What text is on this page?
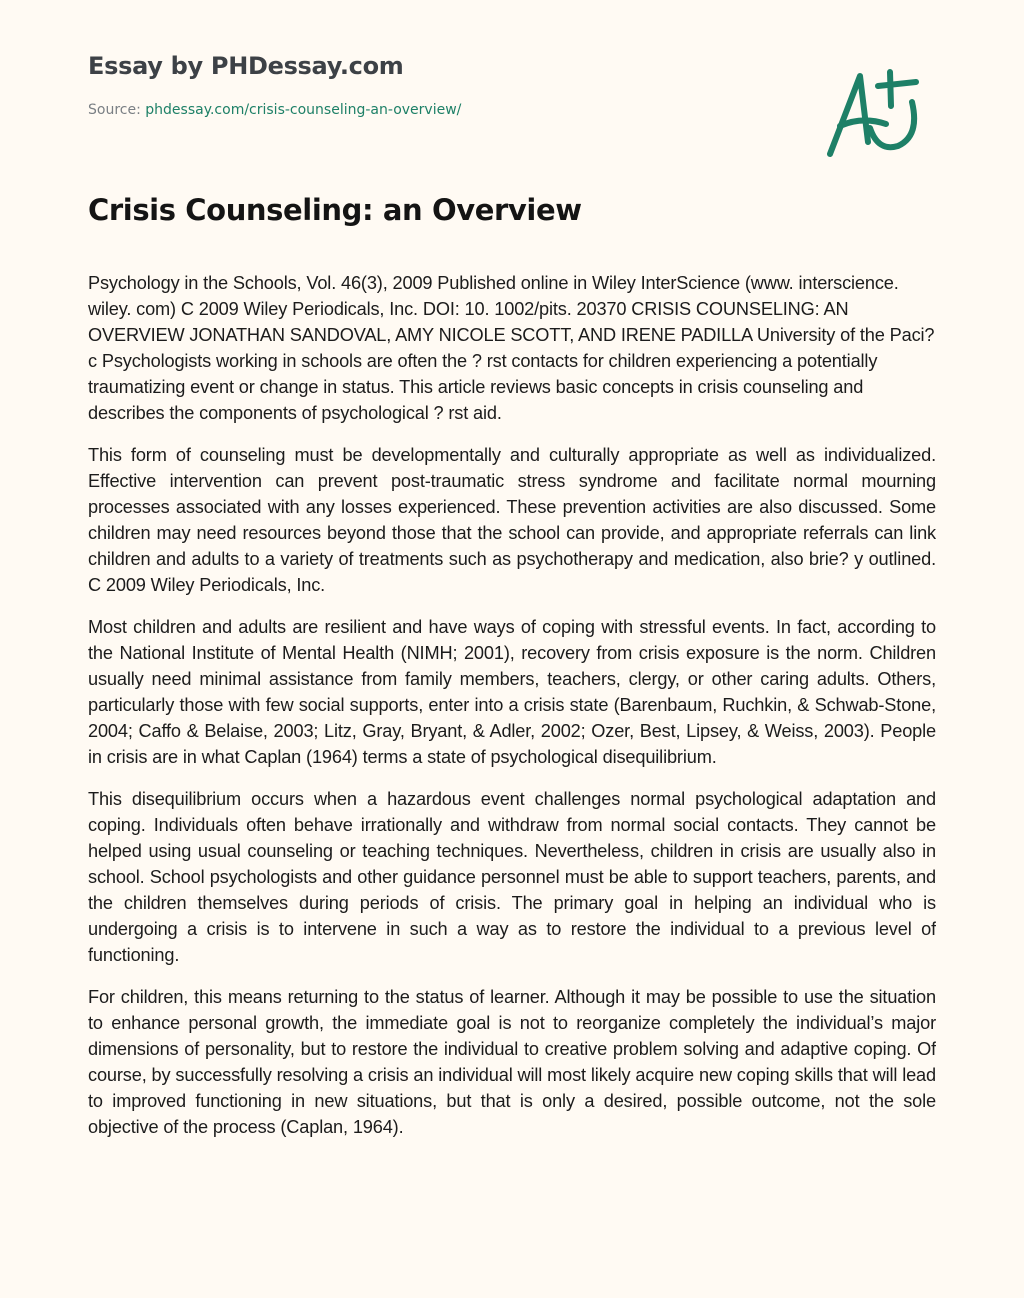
Essay by PHDessay.com
Source: phdessay.com/crisis-counseling-an-overview/
Crisis Counseling: an Overview

Psychology in the Schools, Vol. 46(3), 2009 Published online in Wiley InterScience (www. interscience. wiley. com) C 2009 Wiley Periodicals, Inc. DOI: 10. 1002/pits. 20370 CRISIS COUNSELING: AN OVERVIEW JONATHAN SANDOVAL, AMY NICOLE SCOTT, AND IRENE PADILLA University of the Paci? c Psychologists working in schools are often the ? rst contacts for children experiencing a potentially traumatizing event or change in status. This article reviews basic concepts in crisis counseling and describes the components of psychological ? rst aid.

This form of counseling must be developmentally and culturally appropriate as well as individualized. Effective intervention can prevent post-traumatic stress syndrome and facilitate normal mourning processes associated with any losses experienced. These prevention activities are also discussed. Some children may need resources beyond those that the school can provide, and appropriate referrals can link children and adults to a variety of treatments such as psychotherapy and medication, also brie? y outlined. C 2009 Wiley Periodicals, Inc.

Most children and adults are resilient and have ways of coping with stressful events. In fact, according to the National Institute of Mental Health (NIMH; 2001), recovery from crisis exposure is the norm. Children usually need minimal assistance from family members, teachers, clergy, or other caring adults. Others, particularly those with few social supports, enter into a crisis state (Barenbaum, Ruchkin, & Schwab-Stone, 2004; Caffo & Belaise, 2003; Litz, Gray, Bryant, & Adler, 2002; Ozer, Best, Lipsey, & Weiss, 2003). People in crisis are in what Caplan (1964) terms a state of psychological disequilibrium.

This disequilibrium occurs when a hazardous event challenges normal psychological adaptation and coping. Individuals often behave irrationally and withdraw from normal social contacts. They cannot be helped using usual counseling or teaching techniques. Nevertheless, children in crisis are usually also in school. School psychologists and other guidance personnel must be able to support teachers, parents, and the children themselves during periods of crisis. The primary goal in helping an individual who is undergoing a crisis is to intervene in such a way as to restore the individual to a previous level of functioning.

For children, this means returning to the status of learner. Although it may be possible to use the situation to enhance personal growth, the immediate goal is not to reorganize completely the individual’s major dimensions of personality, but to restore the individual to creative problem solving and adaptive coping. Of course, by successfully resolving a crisis an individual will most likely acquire new coping skills that will lead to improved functioning in new situations, but that is only a desired, possible outcome, not the sole objective of the process (Caplan, 1964).
